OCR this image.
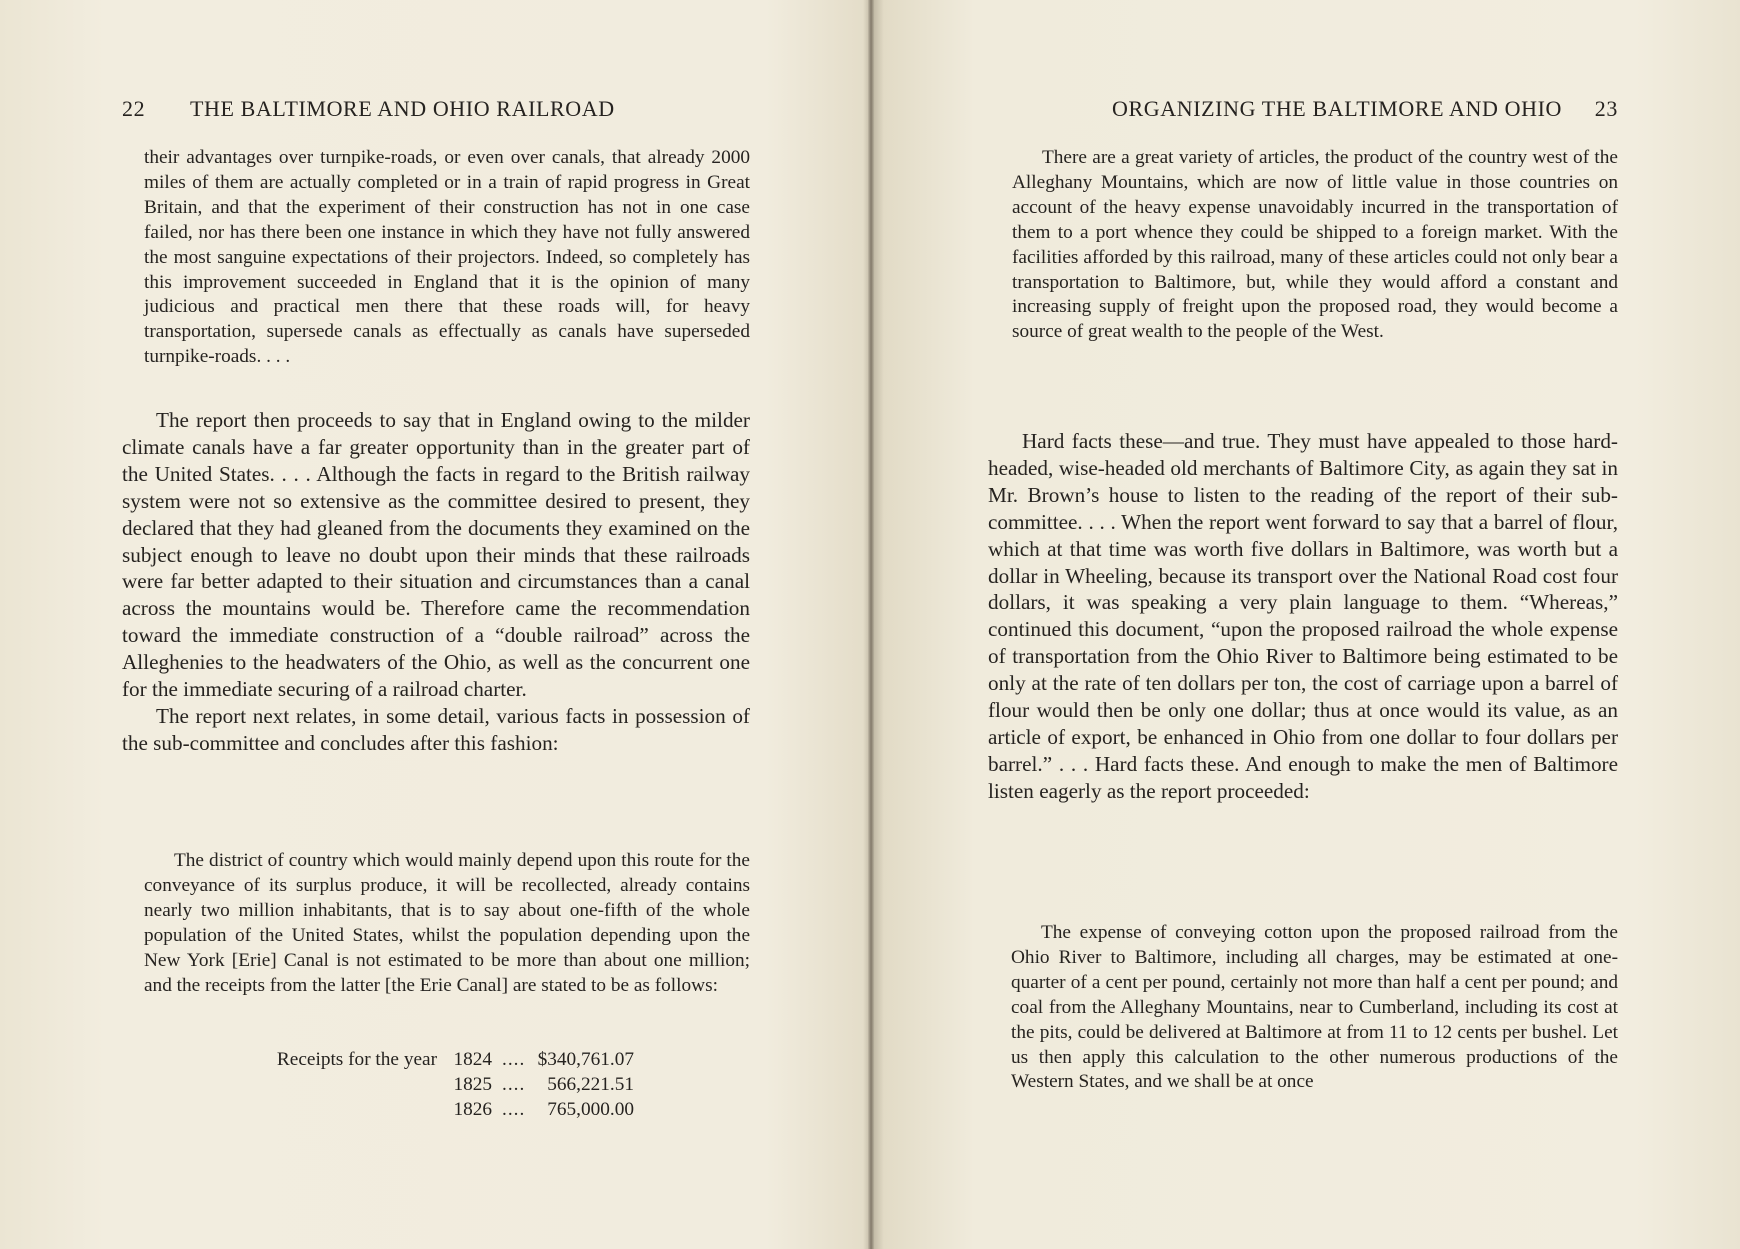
22 THE BALTIMORE AND OHIO RAILROAD

their advantages over turnpike-roads, or even over canals, that already 2000 miles of them are actually completed or in a train of rapid progress in Great Britain, and that the experiment of their construction has not in one case failed, nor has there been one instance in which they have not fully answered the most sanguine expectations of their projectors. Indeed, so completely has this improvement succeeded in England that it is the opinion of many judicious and practical men there that these roads will, for heavy transportation, supersede canals as effectually as canals have superseded turnpike-roads. . . .

The report then proceeds to say that in England owing to the milder climate canals have a far greater opportunity than in the greater part of the United States. . . . Although the facts in regard to the British railway system were not so extensive as the committee desired to present, they declared that they had gleaned from the documents they examined on the subject enough to leave no doubt upon their minds that these railroads were far better adapted to their situation and circumstances than a canal across the mountains would be. Therefore came the recommendation toward the immediate construction of a “double railroad” across the Alleghenies to the headwaters of the Ohio, as well as the concurrent one for the immediate securing of a railroad charter.

The report next relates, in some detail, various facts in possession of the sub-committee and concludes after this fashion:

The district of country which would mainly depend upon this route for the conveyance of its surplus produce, it will be recollected, already contains nearly two million inhabitants, that is to say about one-fifth of the whole population of the United States, whilst the population depending upon the New York [Erie] Canal is not estimated to be more than about one million; and the receipts from the latter [the Erie Canal] are stated to be as follows:

Receipts for the year 1824 .... $340,761.07
1825 ....	566,221.51
1826 ....	765,000.00
ORGANIZING THE BALTIMORE AND OHIO 23

There are a great variety of articles, the product of the country west of the Alleghany Mountains, which are now of little value in those countries on account of the heavy expense unavoidably incurred in the transportation of them to a port whence they could be shipped to a foreign market. With the facilities afforded by this railroad, many of these articles could not only bear a transportation to Baltimore, but, while they would afford a constant and increasing supply of freight upon the proposed road, they would become a source of great wealth to the people of the West.

Hard facts these—and true. They must have appealed to those hard-headed, wise-headed old merchants of Baltimore City, as again they sat in Mr. Brown’s house to listen to the reading of the report of their sub-committee. . . . When the report went forward to say that a barrel of flour, which at that time was worth five dollars in Baltimore, was worth but a dollar in Wheeling, because its transport over the National Road cost four dollars, it was speaking a very plain language to them. “Whereas,” continued this document, “upon the proposed railroad the whole expense of transportation from the Ohio River to Baltimore being estimated to be only at the rate of ten dollars per ton, the cost of carriage upon a barrel of flour would then be only one dollar; thus at once would its value, as an article of export, be enhanced in Ohio from one dollar to four dollars per barrel.” . . . Hard facts these. And enough to make the men of Baltimore listen eagerly as the report proceeded:

The expense of conveying cotton upon the proposed railroad from the Ohio River to Baltimore, including all charges, may be estimated at one-quarter of a cent per pound, certainly not more than half a cent per pound; and coal from the Alleghany Mountains, near to Cumberland, including its cost at the pits, could be delivered at Baltimore at from 11 to 12 cents per bushel. Let us then apply this calculation to the other numerous productions of the Western States, and we shall be at once
